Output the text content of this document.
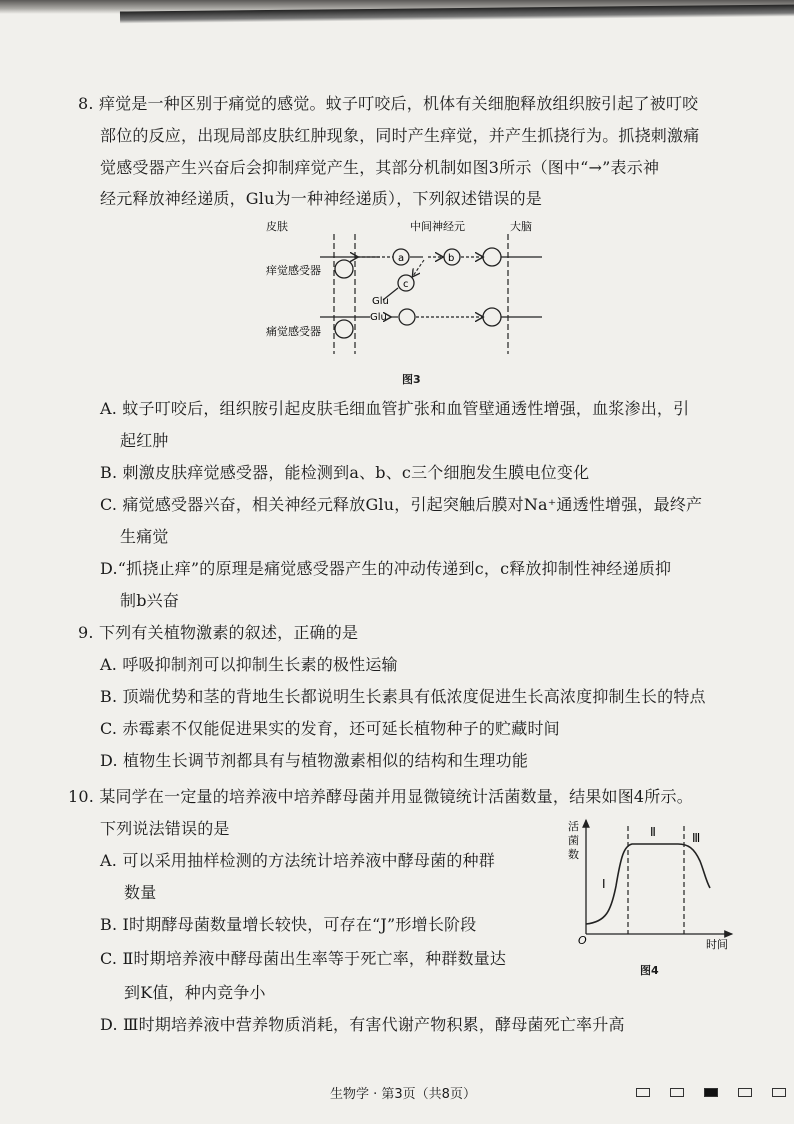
8. 痒觉是一种区别于痛觉的感觉。蚊子叮咬后，机体有关细胞释放组织胺引起了被叮咬
部位的反应，出现局部皮肤红肿现象，同时产生痒觉，并产生抓挠行为。抓挠刺激痛
觉感受器产生兴奋后会抑制痒觉产生，其部分机制如图3所示（图中“→”表示神
经元释放神经递质，Glu为一种神经递质），下列叙述错误的是
皮肤	中间神经元	大脑
痒觉感受器
a	b
c
Glu
痛觉感受器
Glu
图3
A. 蚊子叮咬后，组织胺引起皮肤毛细血管扩张和血管壁通透性增强，血浆渗出，引
起红肿
B. 刺激皮肤痒觉感受器，能检测到a、b、c三个细胞发生膜电位变化
C. 痛觉感受器兴奋，相关神经元释放Glu，引起突触后膜对Na⁺通透性增强，最终产
生痛觉
D.“抓挠止痒”的原理是痛觉感受器产生的冲动传递到c，c释放抑制性神经递质抑
制b兴奋
9. 下列有关植物激素的叙述，正确的是
A. 呼吸抑制剂可以抑制生长素的极性运输
B. 顶端优势和茎的背地生长都说明生长素具有低浓度促进生长高浓度抑制生长的特点
C. 赤霉素不仅能促进果实的发育，还可延长植物种子的贮藏时间
D. 植物生长调节剂都具有与植物激素相似的结构和生理功能
10. 某同学在一定量的培养液中培养酵母菌并用显微镜统计活菌数量，结果如图4所示。
下列说法错误的是
A. 可以采用抽样检测的方法统计培养液中酵母菌的种群
数量
B. Ⅰ时期酵母菌数量增长较快，可存在“J”形增长阶段
C. Ⅱ时期培养液中酵母菌出生率等于死亡率，种群数量达
到K值，种内竞争小
D. Ⅲ时期培养液中营养物质消耗，有害代谢产物积累，酵母菌死亡率升高
活
菌
数
O	时间
Ⅰ
Ⅱ	Ⅲ
图4
生物学 · 第3页（共8页）
